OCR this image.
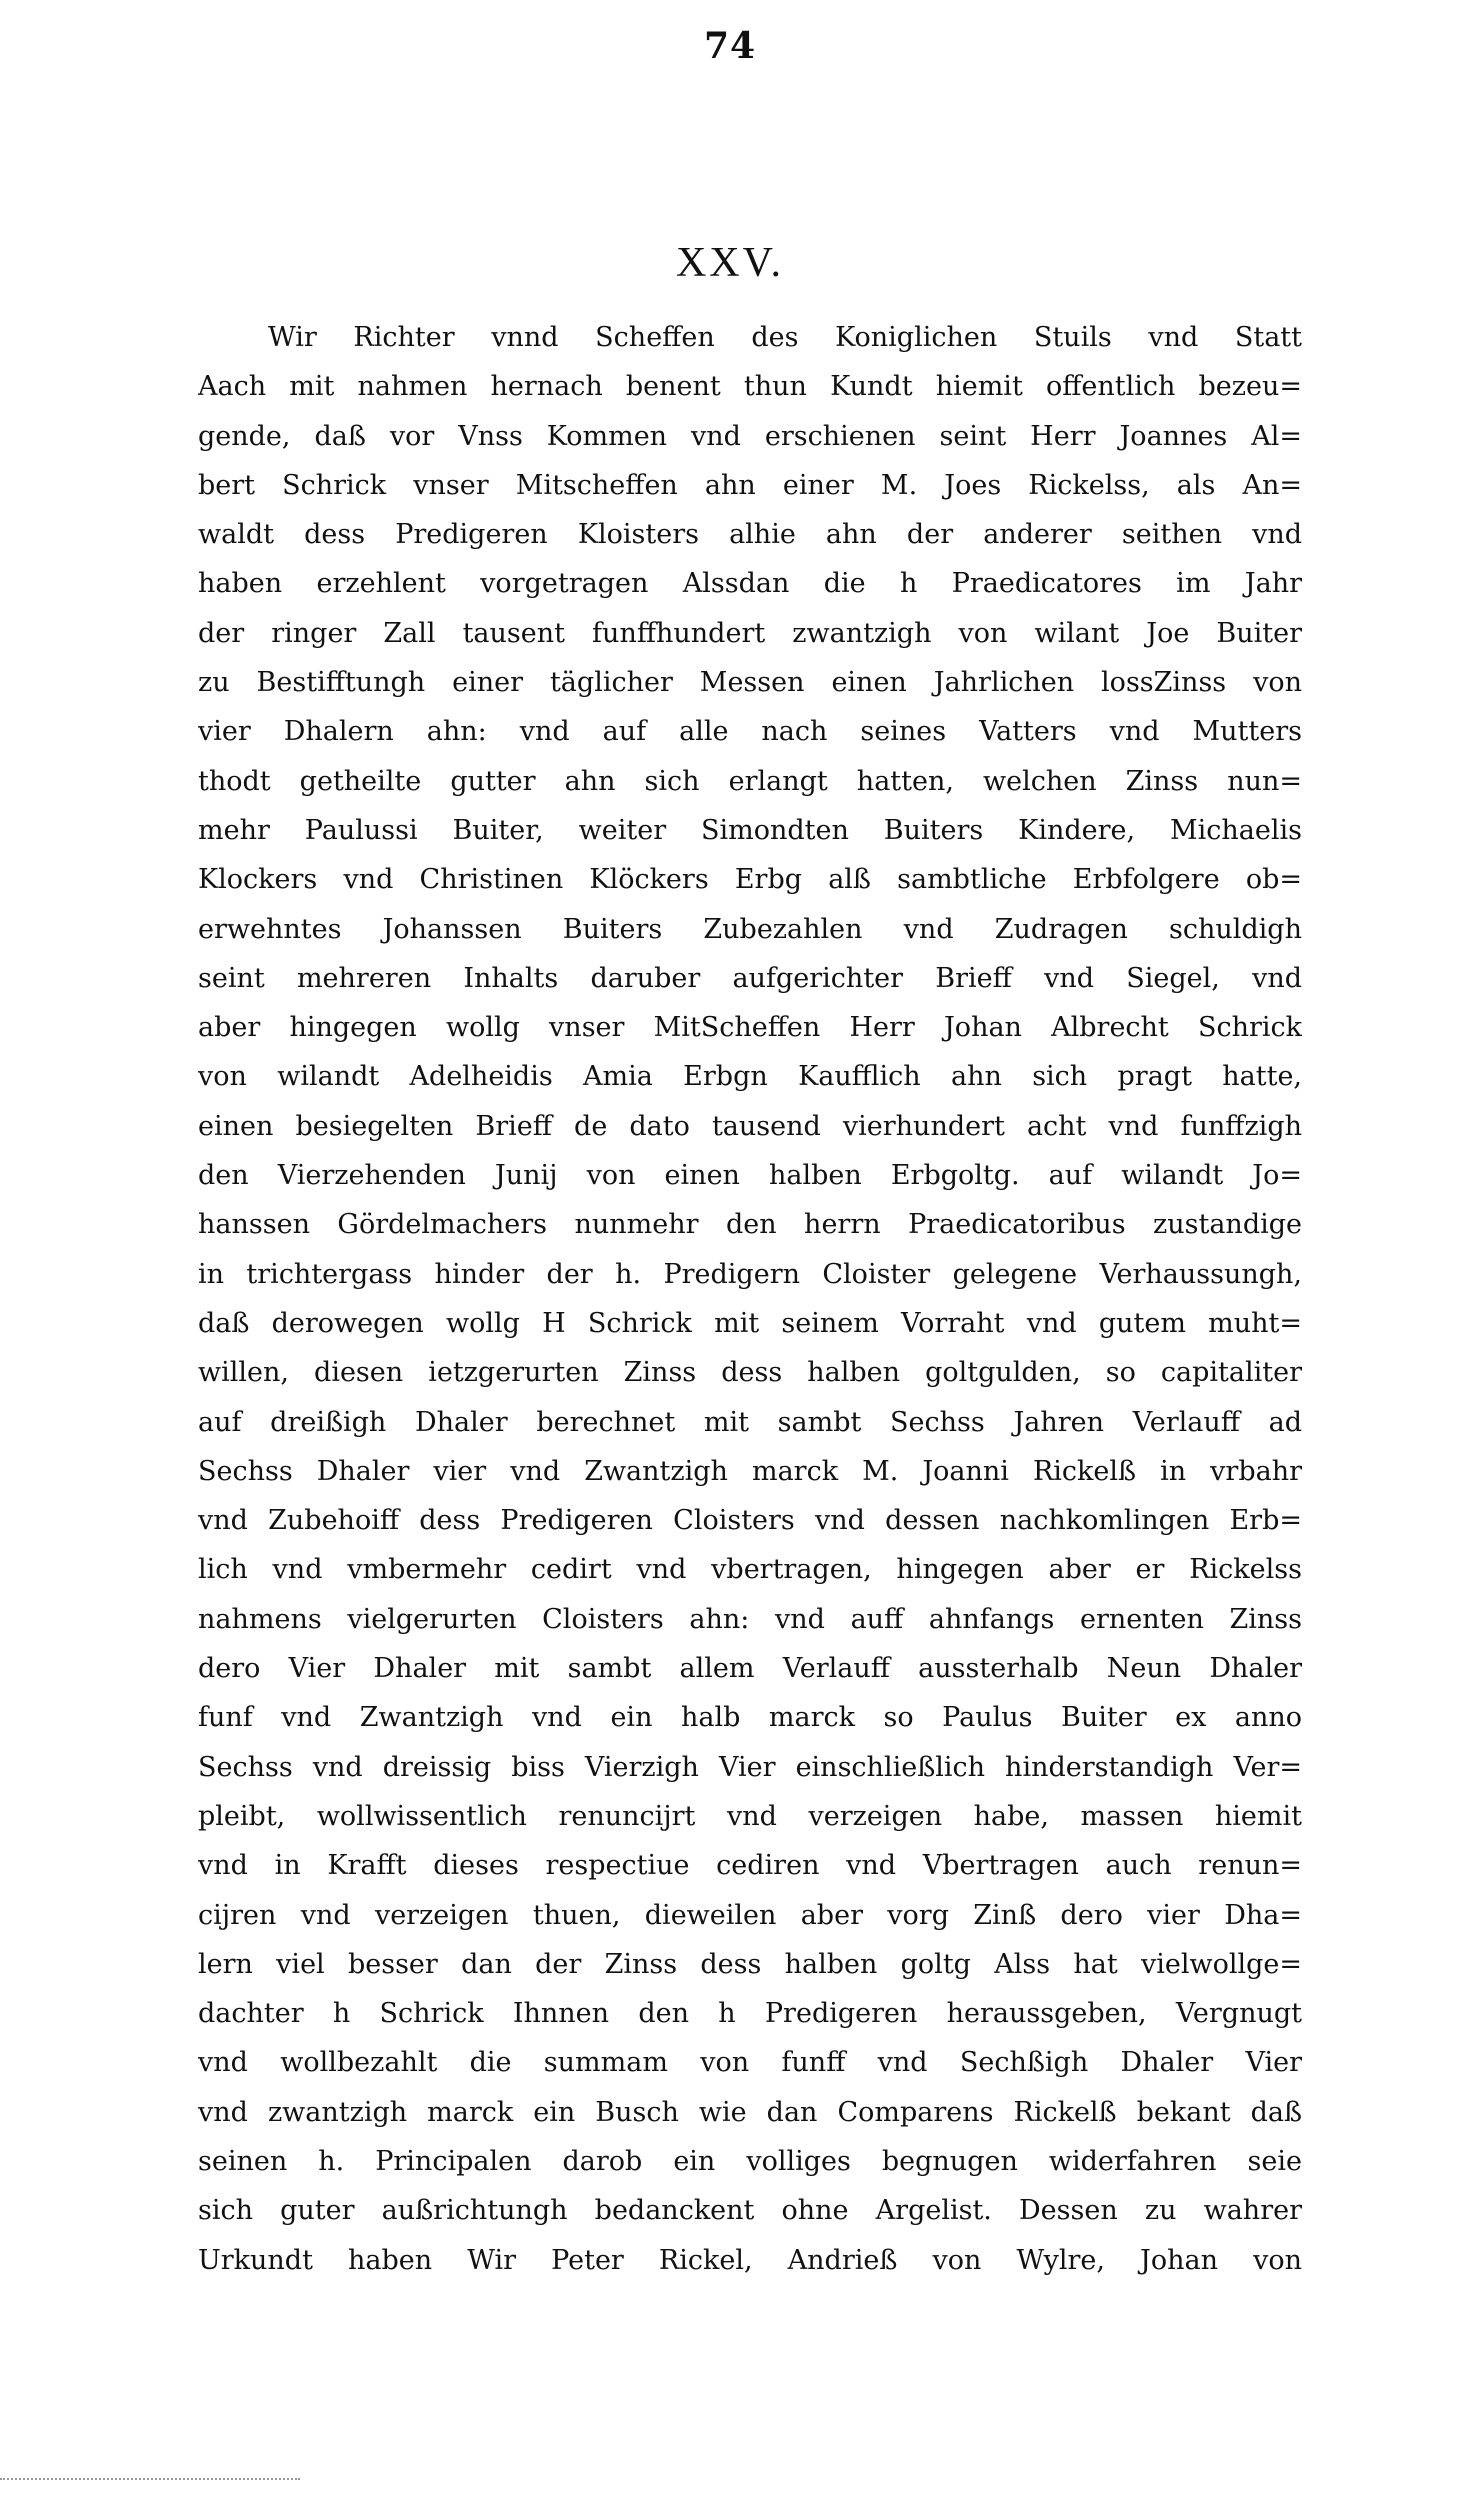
74
XXV.
Wir Richter vnnd Scheffen des Koniglichen Stuils vnd Statt
Aach mit nahmen hernach benent thun Kundt hiemit offentlich bezeu=
gende, daß vor Vnss Kommen vnd erschienen seint Herr Joannes Al=
bert Schrick vnser Mitscheffen ahn einer M. Joes Rickelss, als An=
waldt dess Predigeren Kloisters alhie ahn der anderer seithen vnd
haben erzehlent vorgetragen Alssdan die h Praedicatores im Jahr
der ringer Zall tausent funffhundert zwantzigh von wilant Joe Buiter
zu Bestifftungh einer täglicher Messen einen Jahrlichen lossZinss von
vier Dhalern ahn: vnd auf alle nach seines Vatters vnd Mutters
thodt getheilte gutter ahn sich erlangt hatten, welchen Zinss nun=
mehr Paulussi Buiter, weiter Simondten Buiters Kindere, Michaelis
Klockers vnd Christinen Klöckers Erbg alß sambtliche Erbfolgere ob=
erwehntes Johanssen Buiters Zubezahlen vnd Zudragen schuldigh
seint mehreren Inhalts daruber aufgerichter Brieff vnd Siegel, vnd
aber hingegen wollg vnser MitScheffen Herr Johan Albrecht Schrick
von wilandt Adelheidis Amia Erbgn Kaufflich ahn sich pragt hatte,
einen besiegelten Brieff de dato tausend vierhundert acht vnd funffzigh
den Vierzehenden Junij von einen halben Erbgoltg. auf wilandt Jo=
hanssen Gördelmachers nunmehr den herrn Praedicatoribus zustandige
in trichtergass hinder der h. Predigern Cloister gelegene Verhaussungh,
daß derowegen wollg H Schrick mit seinem Vorraht vnd gutem muht=
willen, diesen ietzgerurten Zinss dess halben goltgulden, so capitaliter
auf dreißigh Dhaler berechnet mit sambt Sechss Jahren Verlauff ad
Sechss Dhaler vier vnd Zwantzigh marck M. Joanni Rickelß in vrbahr
vnd Zubehoiff dess Predigeren Cloisters vnd dessen nachkomlingen Erb=
lich vnd vmbermehr cedirt vnd vbertragen, hingegen aber er Rickelss
nahmens vielgerurten Cloisters ahn: vnd auff ahnfangs ernenten Zinss
dero Vier Dhaler mit sambt allem Verlauff aussterhalb Neun Dhaler
funf vnd Zwantzigh vnd ein halb marck so Paulus Buiter ex anno
Sechss vnd dreissig biss Vierzigh Vier einschließlich hinderstandigh Ver=
pleibt, wollwissentlich renuncijrt vnd verzeigen habe, massen hiemit
vnd in Krafft dieses respectiue cediren vnd Vbertragen auch renun=
cijren vnd verzeigen thuen, dieweilen aber vorg Zinß dero vier Dha=
lern viel besser dan der Zinss dess halben goltg Alss hat vielwollge=
dachter h Schrick Ihnnen den h Predigeren heraussgeben, Vergnugt
vnd wollbezahlt die summam von funff vnd Sechßigh Dhaler Vier
vnd zwantzigh marck ein Busch wie dan Comparens Rickelß bekant daß
seinen h. Principalen darob ein volliges begnugen widerfahren seie
sich guter außrichtungh bedanckent ohne Argelist. Dessen zu wahrer
Urkundt haben Wir Peter Rickel, Andrieß von Wylre, Johan von
